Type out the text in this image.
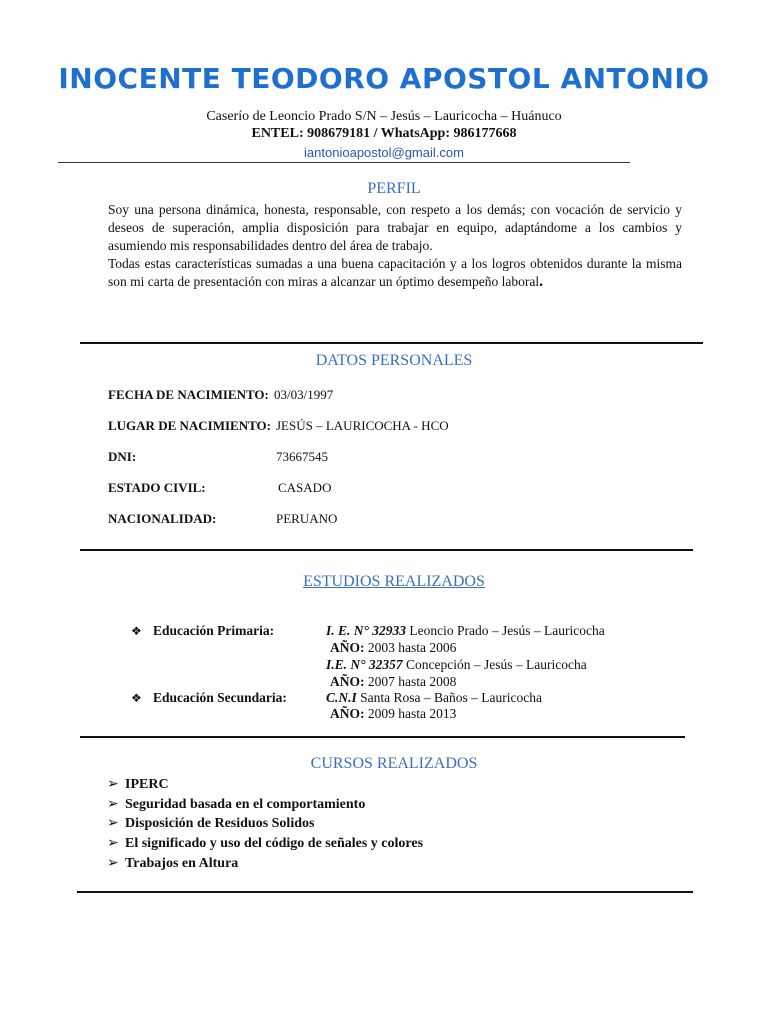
INOCENTE TEODORO APOSTOL ANTONIO
Caserío de Leoncio Prado S/N – Jesús – Lauricocha – Huánuco
ENTEL: 908679181 / WhatsApp: 986177668
iantonioapostol@gmail.com
PERFIL

Soy una persona dinámica, honesta, responsable, con respeto a los demás; con vocación de servicio y deseos de superación, amplia disposición para trabajar en equipo, adaptándome a los cambios y asumiendo mis responsabilidades dentro del área de trabajo.

Todas estas características sumadas a una buena capacitación y a los logros obtenidos durante la misma son mi carta de presentación con miras a alcanzar un óptimo desempeño laboral.

DATOS PERSONALES
FECHA DE NACIMIENTO: 03/03/1997
LUGAR DE NACIMIENTO: JESÚS – LAURICOCHA - HCO
DNI:	73667545
ESTADO CIVIL:	CASADO
NACIONALIDAD:	PERUANO
ESTUDIOS REALIZADOS
❖ Educación Primaria:	I. E. N° 32933 Leoncio Prado – Jesús – Lauricocha
AÑO: 2003 hasta 2006
I.E. N° 32357 Concepción – Jesús – Lauricocha
AÑO: 2007 hasta 2008
❖ Educación Secundaria:	C.N.I Santa Rosa – Baños – Lauricocha
AÑO: 2009 hasta 2013
CURSOS REALIZADOS
➢ IPERC
➢ Seguridad basada en el comportamiento
➢ Disposición de Residuos Solidos
➢ El significado y uso del código de señales y colores
➢ Trabajos en Altura
